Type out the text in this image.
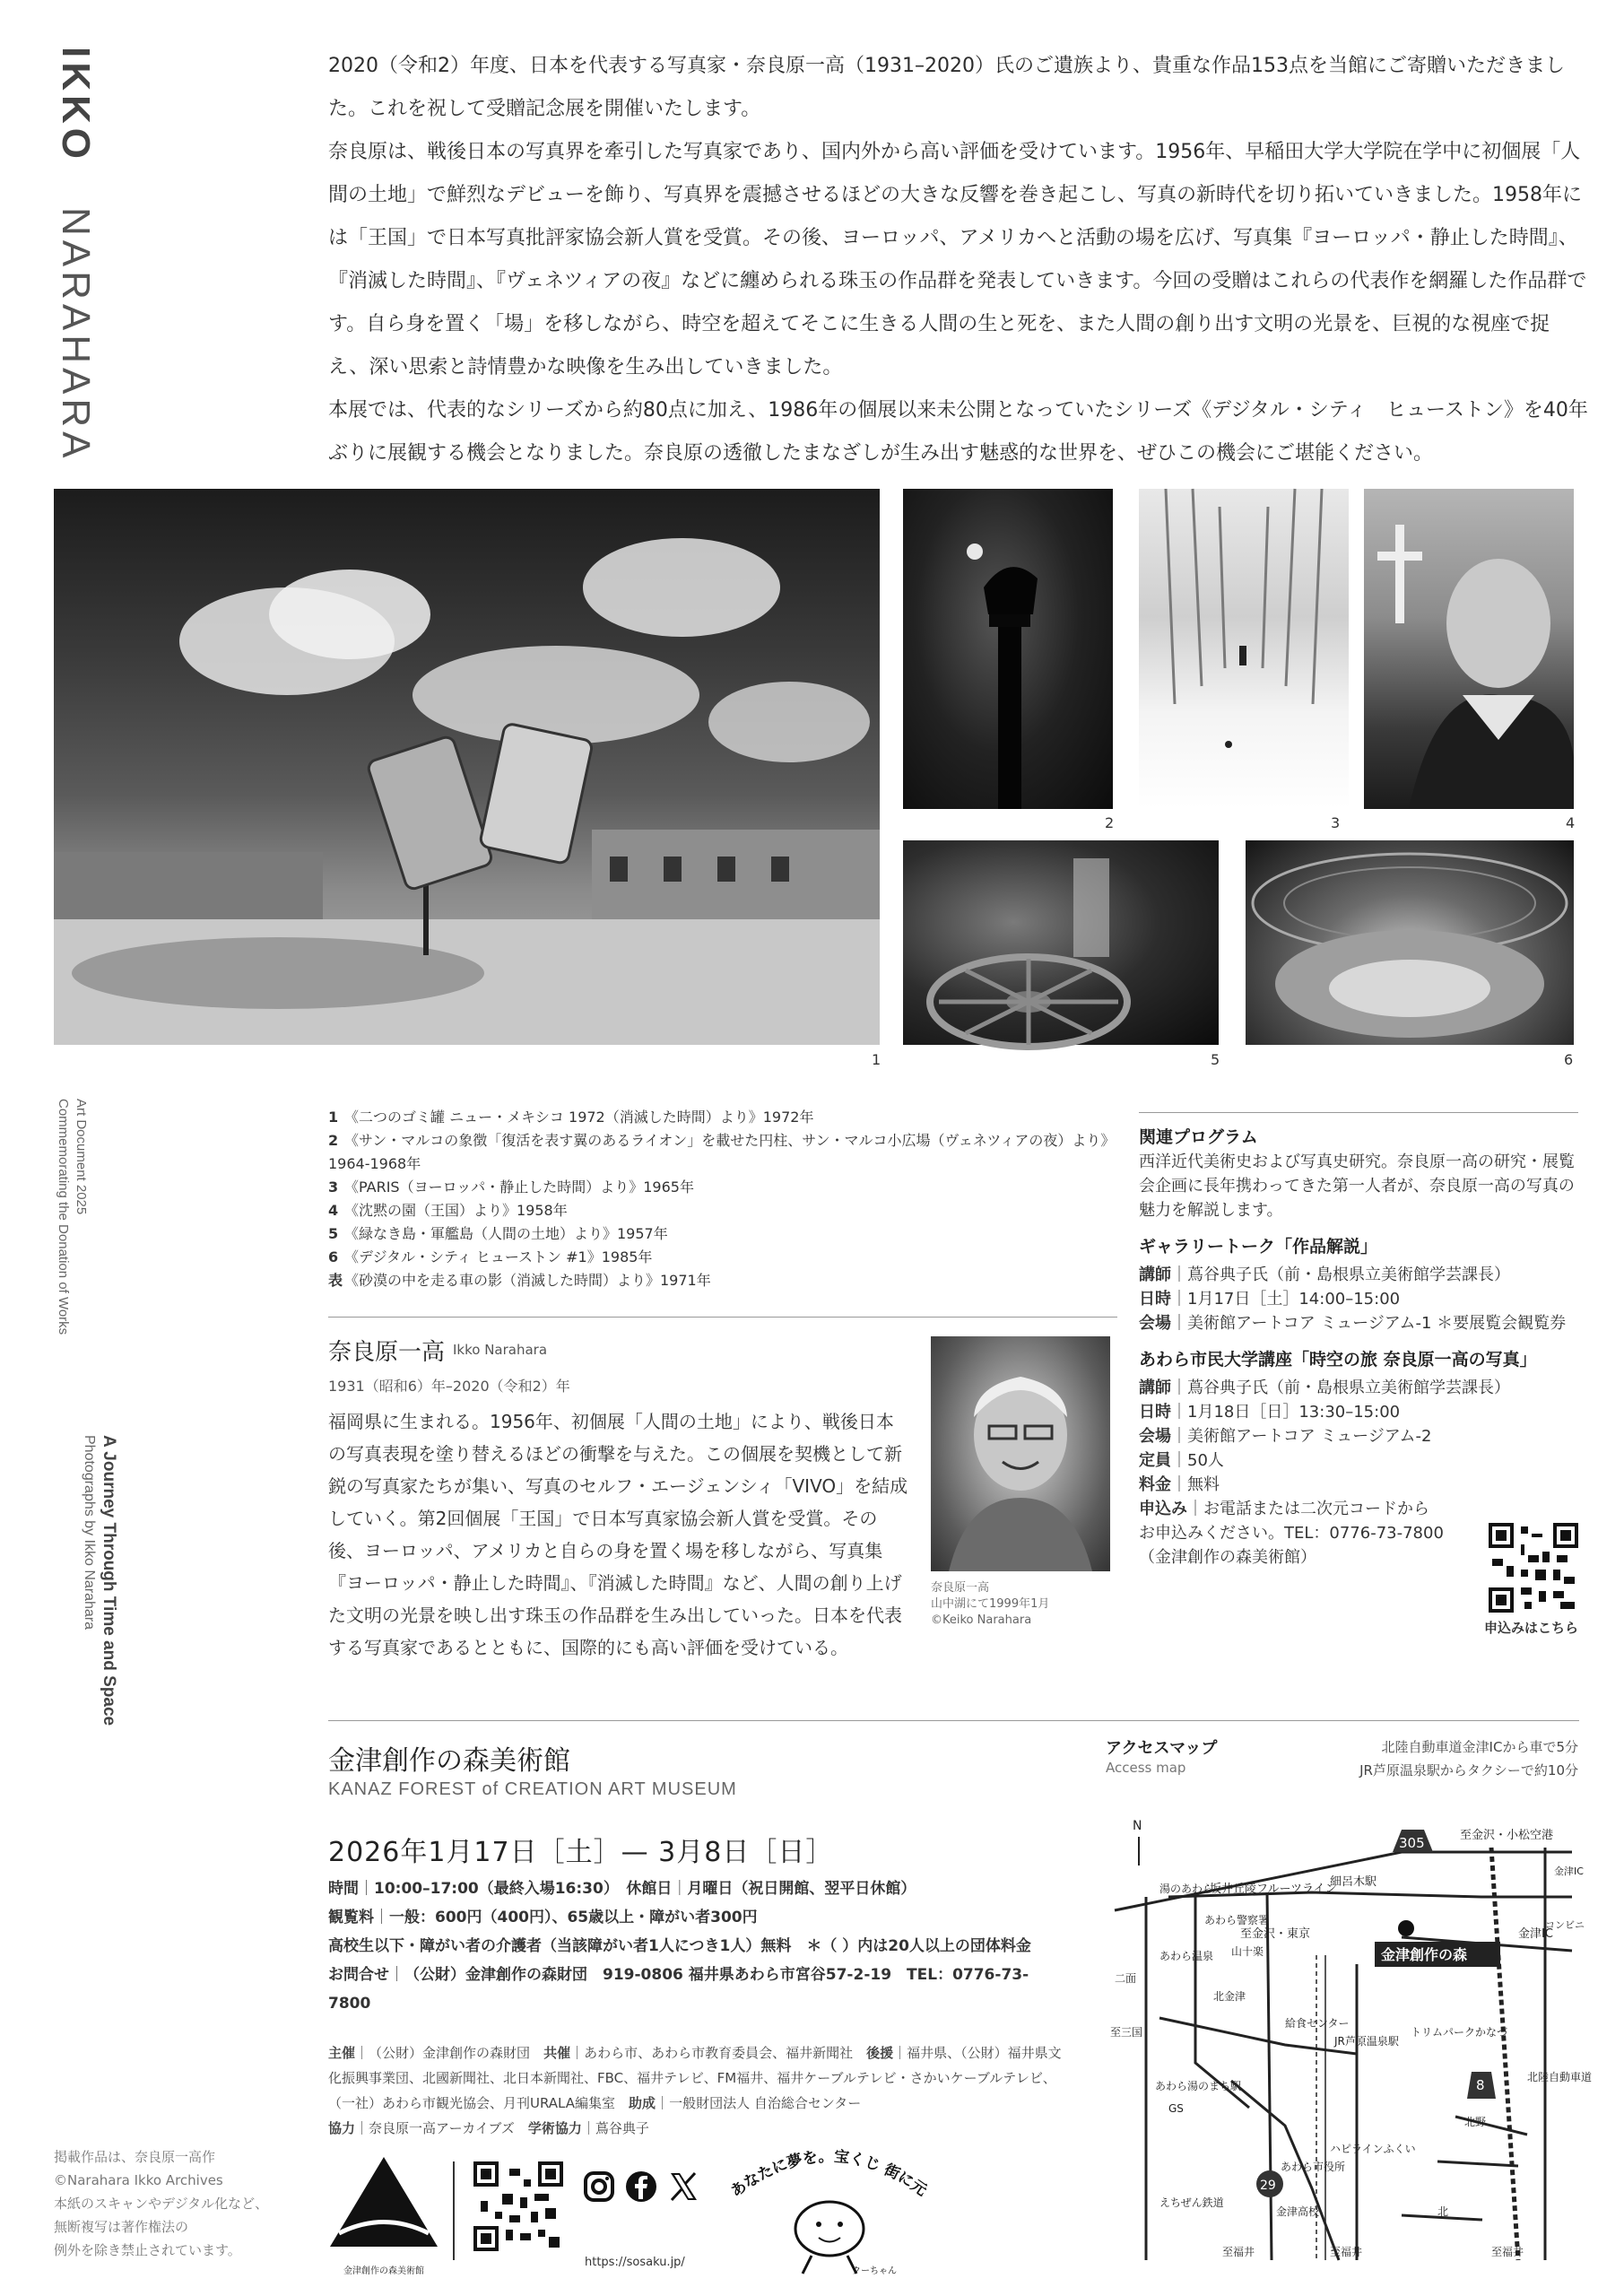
IKKO　NARAHARA
Art Document 2025
Commemorating the Donation of Works
A Journey Through Time and Space
Photographs by Ikko Narahara

2020（令和2）年度、日本を代表する写真家・奈良原一高（1931–2020）氏のご遺族より、貴重な作品153点を当館にご寄贈いただきました。これを祝して受贈記念展を開催いたします。

奈良原は、戦後日本の写真界を牽引した写真家であり、国内外から高い評価を受けています。1956年、早稲田大学大学院在学中に初個展「人間の土地」で鮮烈なデビューを飾り、写真界を震撼させるほどの大きな反響を巻き起こし、写真の新時代を切り拓いていきました。1958年には「王国」で日本写真批評家協会新人賞を受賞。その後、ヨーロッパ、アメリカへと活動の場を広げ、写真集『ヨーロッパ・静止した時間』、『消滅した時間』、『ヴェネツィアの夜』などに纏められる珠玉の作品群を発表していきます。今回の受贈はこれらの代表作を網羅した作品群です。自ら身を置く「場」を移しながら、時空を超えてそこに生きる人間の生と死を、また人間の創り出す文明の光景を、巨視的な視座で捉え、深い思索と詩情豊かな映像を生み出していきました。

本展では、代表的なシリーズから約80点に加え、1986年の個展以来未公開となっていたシリーズ《デジタル・シティ　ヒューストン》を40年ぶりに展観する機会となりました。奈良原の透徹したまなざしが生み出す魅惑的な世界を、ぜひこの機会にご堪能ください。

1
2	3	4
5	6
1 《二つのゴミ罐 ニュー・メキシコ 1972（消滅した時間）より》1972年
2 《サン・マルコの象徴「復活を表す翼のあるライオン」を載せた円柱、サン・マルコ小広場（ヴェネツィアの夜）より》1964-1968年
3 《PARIS（ヨーロッパ・静止した時間）より》1965年
4 《沈黙の園（王国）より》1958年
5 《緑なき島・軍艦島（人間の土地）より》1957年
6 《デジタル・シティ ヒューストン #1》1985年
表 《砂漠の中を走る車の影（消滅した時間）より》1971年
奈良原一高 Ikko Narahara
1931（昭和6）年–2020（令和2）年
福岡県に生まれる。1956年、初個展「人間の土地」により、戦後日本の写真表現を塗り替えるほどの衝撃を与えた。この個展を契機として新鋭の写真家たちが集い、写真のセルフ・エージェンシィ「VIVO」を結成していく。第2回個展「王国」で日本写真家協会新人賞を受賞。その後、ヨーロッパ、アメリカと自らの身を置く場を移しながら、写真集『ヨーロッパ・静止した時間』、『消滅した時間』など、人間の創り上げた文明の光景を映し出す珠玉の作品群を生み出していった。日本を代表する写真家であるとともに、国際的にも高い評価を受けている。
奈良原一高
山中湖にて1999年1月
©Keiko Narahara
関連プログラム
西洋近代美術史および写真史研究。奈良原一高の研究・展覧会企画に長年携わってきた第一人者が、奈良原一高の写真の魅力を解説します。
ギャラリートーク「作品解説」
講師｜蔦谷典子氏（前・島根県立美術館学芸課長）
日時｜1月17日［土］14:00–15:00
会場｜美術館アートコア ミュージアム-1 ＊要展覧会観覧券
あわら市民大学講座「時空の旅 奈良原一高の写真」
講師｜蔦谷典子氏（前・島根県立美術館学芸課長）
日時｜1月18日［日］13:30–15:00
会場｜美術館アートコア ミュージアム-2
定員｜50人
料金｜無料
申込み｜お電話または二次元コードから
お申込みください。TEL：0776-73-7800
（金津創作の森美術館）
申込みはこちら
金津創作の森美術館
KANAZ FOREST of CREATION ART MUSEUM
2026年1月17日［土］— 3月8日［日］
時間｜10:00–17:00（最終入場16:30）　 休館日｜月曜日（祝日開館、翌平日休館）
観覧料｜一般：600円（400円）、65歳以上・障がい者300円
高校生以下・障がい者の介護者（当該障がい者1人につき1人）無料　＊（ ）内は20人以上の団体料金
お問合せ｜（公財）金津創作の森財団　919-0806 福井県あわら市宮谷57-2-19　TEL：0776-73-7800
主催｜（公財）金津創作の森財団　 共催｜あわら市、あわら市教育委員会、福井新聞社　 後援｜福井県、（公財）福井県文化振興事業団、北國新聞社、北日本新聞社、FBC、福井テレビ、FM福井、福井ケーブルテレビ・さかいケーブルテレビ、（一社）あわら市観光協会、月刊URALA編集室　 助成｜一般財団法人 自治総合センター
協力｜奈良原一高アーカイブズ　 学術協力｜蔦谷典子
アクセスマップ
Access map
北陸自動車道金津ICから車で5分
JR芦原温泉駅からタクシーで約10分
305
8
29
金津創作の森
N
至金沢・小松空港
細呂木駅
坂井丘陵フルーツライン
金津IC
至金沢・東京
湯のあわら
あわら警察署
山十楽
あわら温泉
二面
北金津
至三国
給食センター
JR芦原温泉駅
トリムパークかなづ
あわら湯のまち駅
GS
北野
あわら市役所
ハピラインふくい
北陸自動車道
北
えちぜん鉄道
金津高校
至福井	至福井	至福井
金津IC
コンビニ
掲載作品は、奈良原一高作
©Narahara Ikko Archives
本紙のスキャンやデジタル化など、
無断複写は著作権法の
例外を除き禁止されています。
金津創作の森美術館
https://sosaku.jp/
あなたに夢を。宝くじ 街に元
クーちゃん
